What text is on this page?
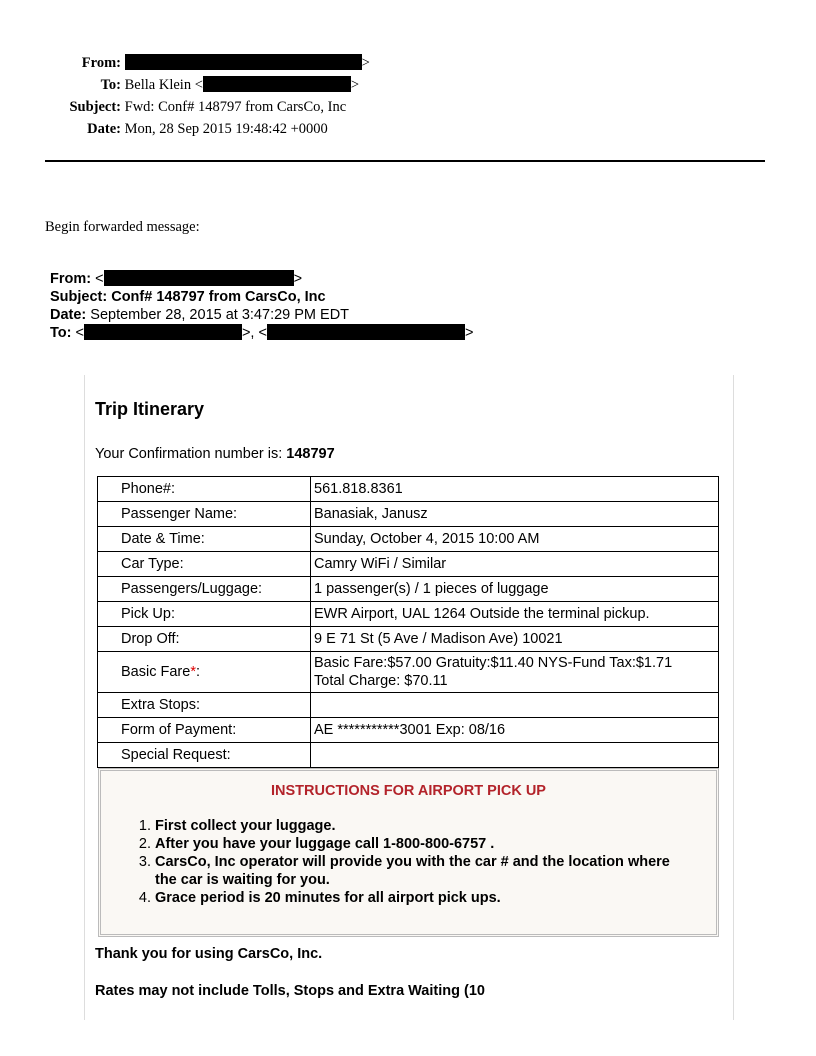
From:	>
To: Bella Klein <	>
Subject: Fwd: Conf# 148797 from CarsCo, Inc
Date: Mon, 28 Sep 2015 19:48:42 +0000
Begin forwarded message:
From: <	>
Subject: Conf# 148797 from CarsCo, Inc
Date: September 28, 2015 at 3:47:29 PM EDT
To: <	>, <	>
Trip Itinerary
Your Confirmation number is: 148797
Phone#:	561.818.8361
Passenger Name:	Banasiak, Janusz
Date & Time:	Sunday, October 4, 2015 10:00 AM
Car Type:	Camry WiFi / Similar
Passengers/Luggage:	1 passenger(s) / 1 pieces of luggage
Pick Up:	EWR Airport, UAL 1264 Outside the terminal pickup.
Drop Off:	9 E 71 St (5 Ave / Madison Ave) 10021
Basic Fare*:	Basic Fare:$57.00 Gratuity:$11.40 NYS-Fund Tax:$1.71
Total Charge: $70.11
Extra Stops:	
Form of Payment:	AE ***********3001 Exp: 08/16
Special Request:	
INSTRUCTIONS FOR AIRPORT PICK UP
1. First collect your luggage.
2. After you have your luggage call 1-800-800-6757 .
3. CarsCo, Inc operator will provide you with the car # and the location where the car is waiting for you.
4. Grace period is 20 minutes for all airport pick ups.
Thank you for using CarsCo, Inc.
Rates may not include Tolls, Stops and Extra Waiting (10
